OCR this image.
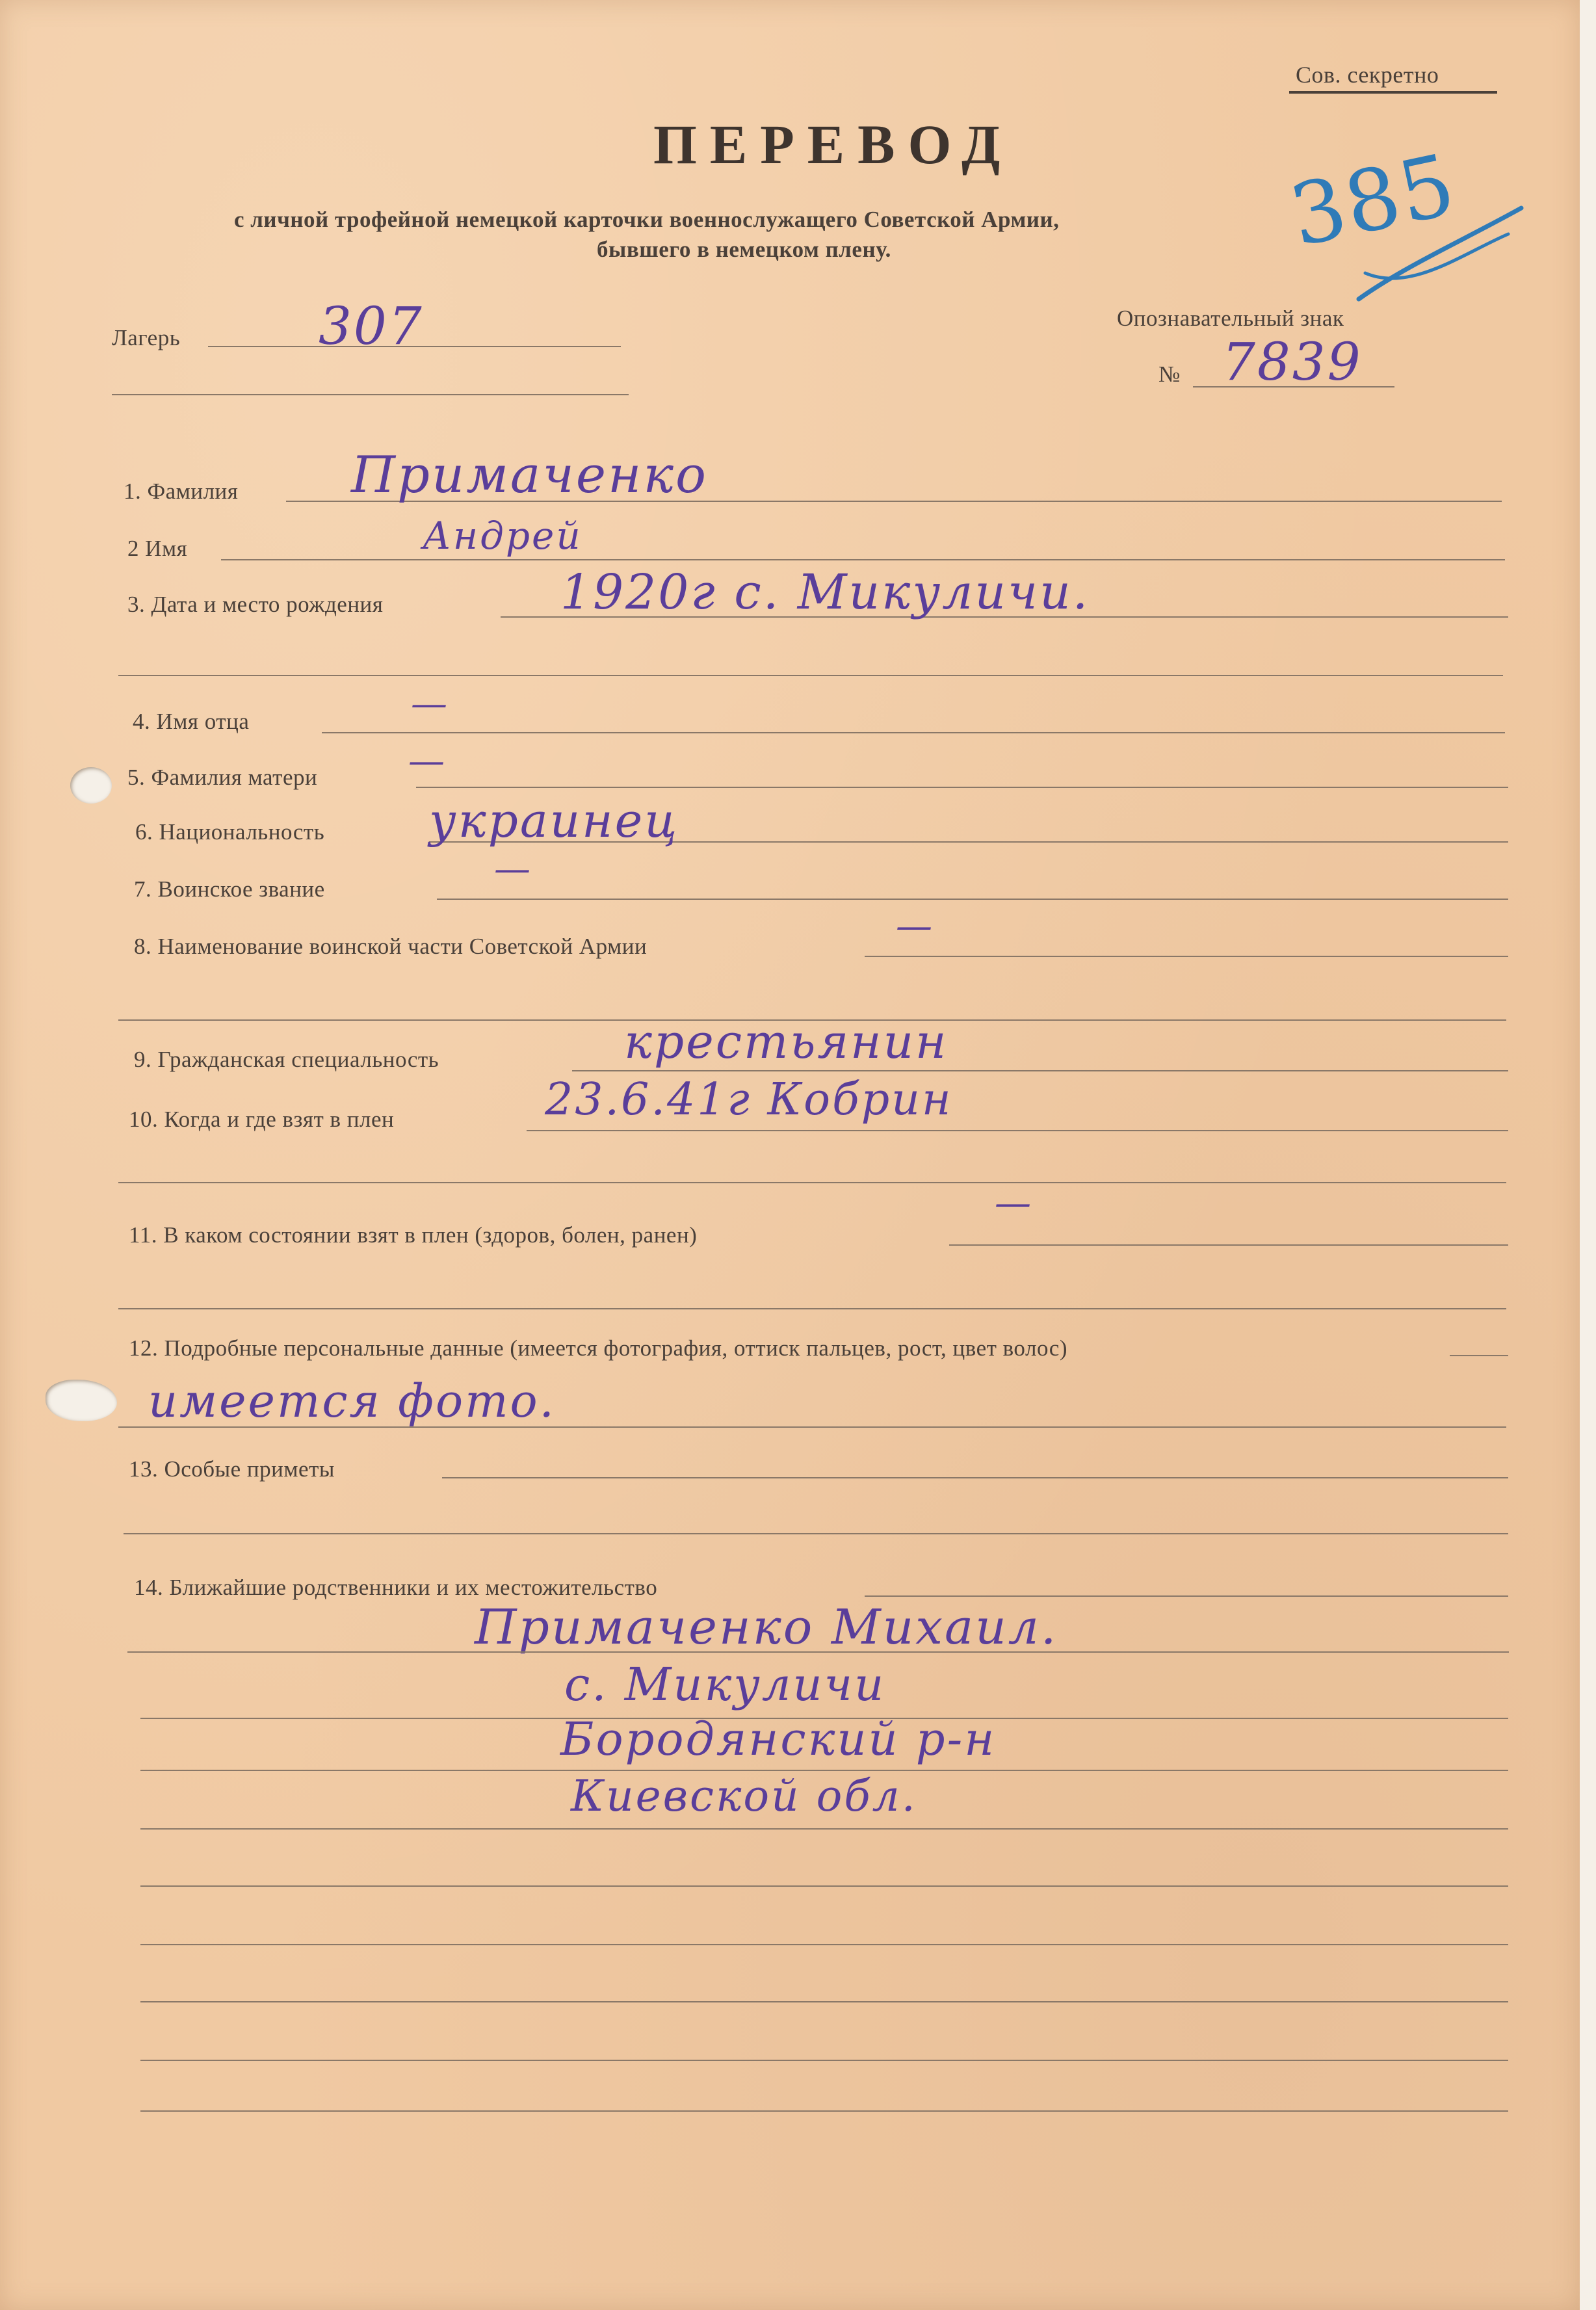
Сов. секретно
385
ПЕРЕВОД
с личной трофейной немецкой карточки военнослужащего Советской Армии,
бывшего в немецком плену.
Лагерь	307	Опознавательный знак
№ 7839
1. Фамилия Примаченко
2 Имя	Андрей
3. Дата и место рождения	1920г с. Микуличи.
4. Имя отца	—
5. Фамилия матери —
6. Национальность украинец
7. Воинское звание	—
8. Наименование воинской части Советской Армии	—
9. Гражданская специальность	крестьянин
10. Когда и где взят в плен	23.6.41г Кобрин
11. В каком состоянии взят в плен (здоров, болен, ранен)
—
12. Подробные персональные данные (имеется фотография, оттиск пальцев, рост, цвет волос)
имеется фото.
13. Особые приметы
14. Ближайшие родственники и их местожительство
Примаченко Михаил.
с. Микуличи
Бородянский р-н
Киевской обл.
